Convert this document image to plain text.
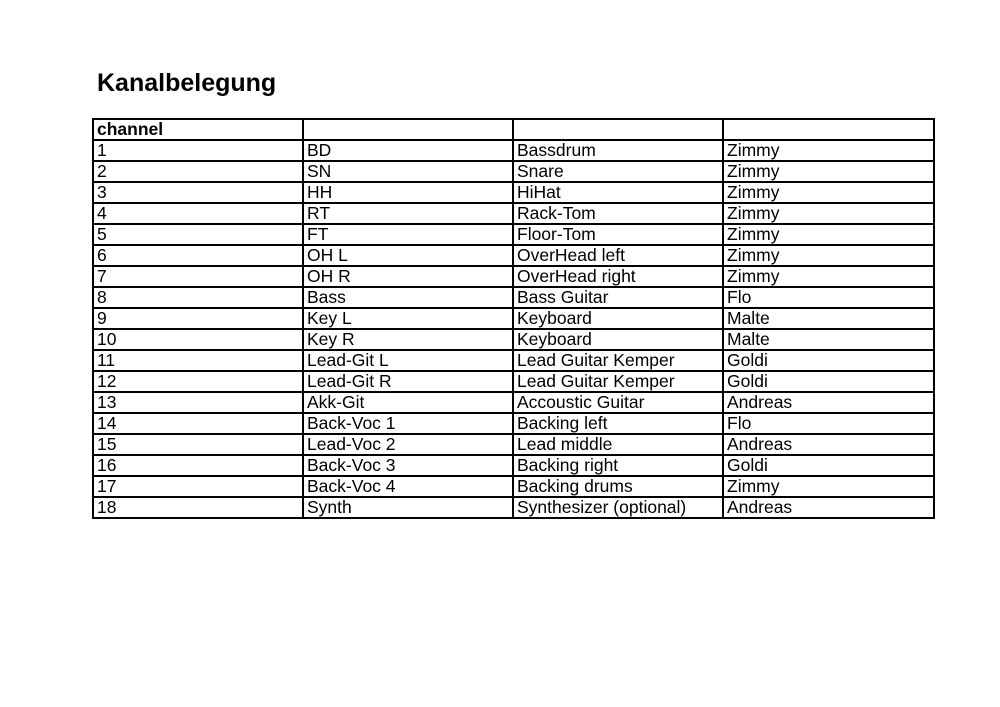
Kanalbelegung
channel			
1	BD	Bassdrum	Zimmy
2	SN	Snare	Zimmy
3	HH	HiHat	Zimmy
4	RT	Rack-Tom	Zimmy
5	FT	Floor-Tom	Zimmy
6	OH L	OverHead left	Zimmy
7	OH R	OverHead right	Zimmy
8	Bass	Bass Guitar	Flo
9	Key L	Keyboard	Malte
10	Key R	Keyboard	Malte
11	Lead-Git L	Lead Guitar Kemper	Goldi
12	Lead-Git R	Lead Guitar Kemper	Goldi
13	Akk-Git	Accoustic Guitar	Andreas
14	Back-Voc 1	Backing left	Flo
15	Lead-Voc 2	Lead middle	Andreas
16	Back-Voc 3	Backing right	Goldi
17	Back-Voc 4	Backing drums	Zimmy
18	Synth	Synthesizer (optional)	Andreas
